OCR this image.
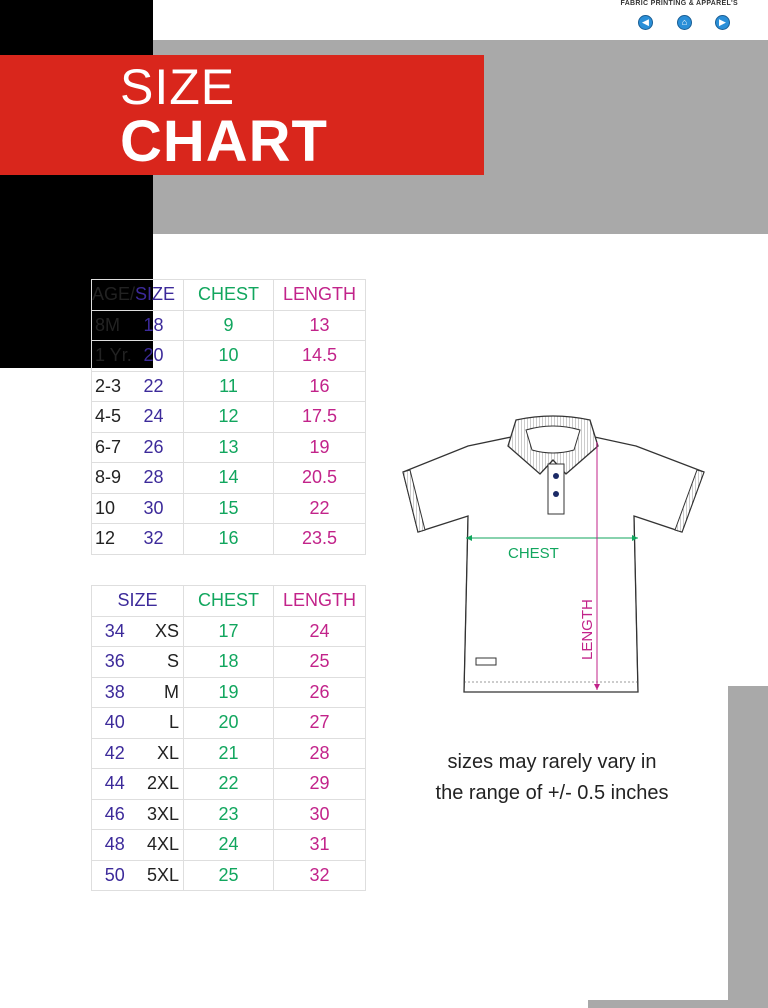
FABRIC PRINTING & APPAREL'S
◀	⌂	▶
SIZE
CHART
AGE/SIZE		CHEST	LENGTH
8M	18	9	13
1 Yr.	20	10	14.5
2-3	22	11	16
4-5	24	12	17.5
6-7	26	13	19
8-9	28	14	20.5
10	30	15	22
12	32	16	23.5
SIZE		CHEST	LENGTH
34	XS	17	24
36	S	18	25
38	M	19	26
40	L	20	27
42	XL	21	28
44	2XL	22	29
46	3XL	23	30
48	4XL	24	31
50	5XL	25	32
CHEST
LENGTH
sizes may rarely vary in
the range of +/- 0.5 inches
